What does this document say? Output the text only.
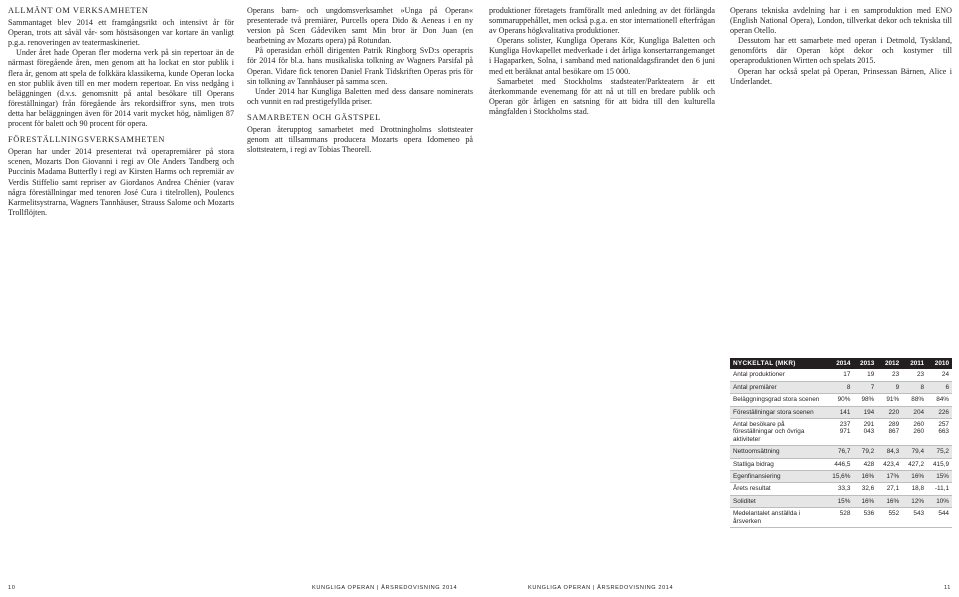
ALLMÄNT OM VERKSAMHETEN

Sammantaget blev 2014 ett framgångsrikt och intensivt år för Operan, trots att såväl vår- som höstsäsongen var kortare än vanligt p.g.a. renoveringen av teatermaskineriet.

Under året hade Operan fler moderna verk på sin repertoar än de närmast föregående åren, men genom att ha lockat en stor publik i flera år, genom att spela de folkkära klassikerna, kunde Operan locka en stor publik även till en mer modern repertoar. En viss nedgång i beläggningen (d.v.s. genomsnitt på antal besökare till Operans föreställningar) från föregående års rekordsiffror syns, men trots detta har beläggningen även för 2014 varit mycket hög, nämligen 87 procent för balett och 90 procent för opera.

FÖRESTÄLLNINGSVERKSAMHETEN

Operan har under 2014 presenterat två operapremiärer på stora scenen, Mozarts Don Giovanni i regi av Ole Anders Tandberg och Puccinis Madama Butterfly i regi av Kirsten Harms och repremiär av Verdis Stiffelio samt repriser av Giordanos Andrea Chénier (varav några föreställningar med tenoren José Cura i titelrollen), Poulencs Karmelitsystrarna, Wagners Tannhäuser, Strauss Salome och Mozarts Trollflöjten.

Operans barn- och ungdomsverksamhet »Unga på Operan« presenterade två premiärer, Purcells opera Dido & Aeneas i en ny version på Scen Gådeviken samt Min bror är Don Juan (en bearbetning av Mozarts opera) på Rotundan.

På operasidan erhöll dirigenten Patrik Ringborg SvD:s operapris för 2014 för bl.a. hans musikaliska tolkning av Wagners Parsifal på Operan. Vidare fick tenoren Daniel Frank Tidskriften Operas pris för sin tolkning av Tannhäuser på samma scen.

Under 2014 har Kungliga Baletten med dess dansare nominerats och vunnit en rad prestigefyllda priser.

SAMARBETEN OCH GÄSTSPEL

Operan återupptog samarbetet med Drottningholms slottsteater genom att tillsammans producera Mozarts opera Idomeneo på slottsteatern, i regi av Tobias Theorell.

produktioner företagets framförallt med anledning av det förlängda sommaruppehållet, men också p.g.a. en stor internationell efterfrågan av Operans högkvalitativa produktioner.

Operans solister, Kungliga Operans Kör, Kungliga Baletten och Kungliga Hovkapellet medverkade i det årliga konsertarrangemanget i Hagaparken, Solna, i samband med nationaldagsfirandet den 6 juni med ett beräknat antal besökare om 15 000.

Samarbetet med Stockholms stadsteater/Parkteatern är ett återkommande evenemang för att nå ut till en bredare publik och Operan gör årligen en satsning för att bidra till den kulturella mångfalden i Stockholms stad.

Operans tekniska avdelning har i en samproduktion med ENO (English National Opera), London, tillverkat dekor och tekniska till operan Otello.

Dessutom har ett samarbete med operan i Detmold, Tyskland, genomförts där Operan köpt dekor och kostymer till operaproduktionen Wirtten och spelats 2015.

Operan har också spelat på Operan, Prinsessan Bärnen, Alice i Underlandet.

NYCKELTAL (MKR)	2014	2013	2012	2011	2010
Antal produktioner	17	19	23	23	24
Antal premiärer	8	7	9	8	6
Beläggningsgrad stora scenen	90%	98%	91%	88%	84%
Föreställningar stora scenen	141	194	220	204	226
Antal besökare på föreställningar och övriga aktiviteter	237 971	291 043	289 867	260 260	257 663
Nettoomsättning	76,7	79,2	84,3	79,4	75,2
Statliga bidrag	446,5	428	423,4	427,2	415,9
Egenfinansiering	15,6%	16%	17%	16%	15%
Årets resultat	33,3	32,6	27,1	18,8	-11,1
Soliditet	15%	16%	16%	12%	10%
Medelantalet anställda i årsverken	528	536	552	543	544
10	KUNGLIGA OPERAN | ÅRSREDOVISNING 2014	KUNGLIGA OPERAN | ÅRSREDOVISNING 2014	11
